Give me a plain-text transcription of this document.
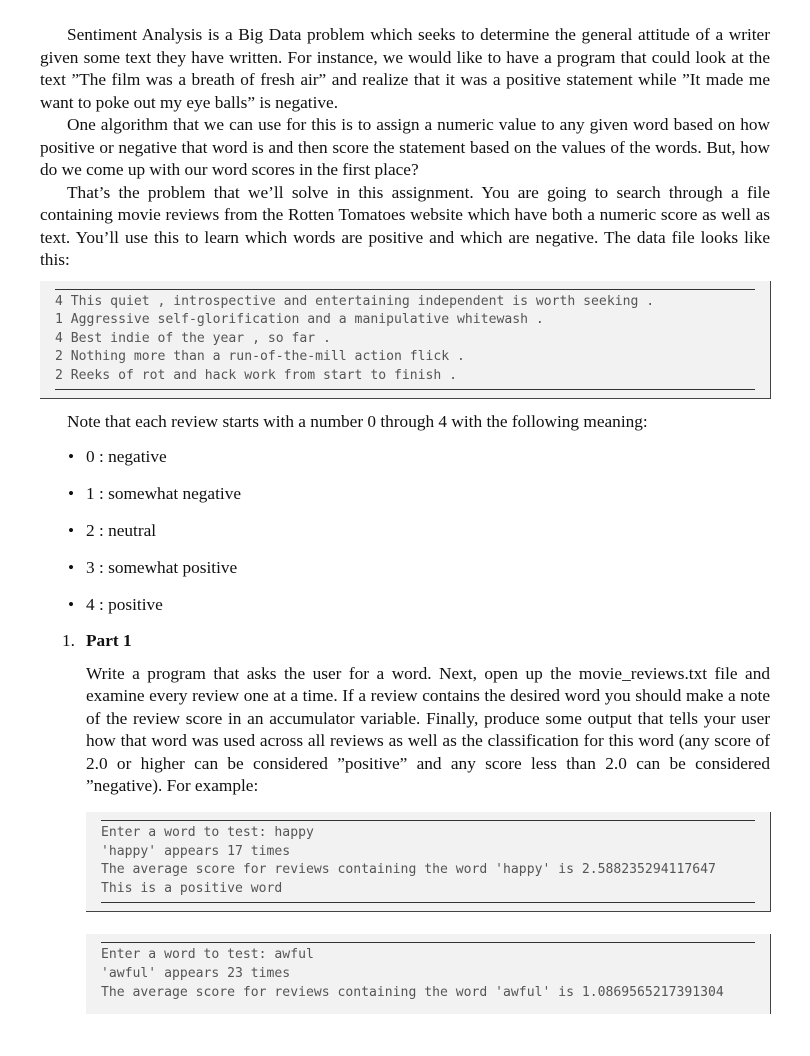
Sentiment Analysis is a Big Data problem which seeks to determine the general attitude of a writer given some text they have written. For instance, we would like to have a program that could look at the text ”The film was a breath of fresh air” and realize that it was a positive statement while ”It made me want to poke out my eye balls” is negative.

One algorithm that we can use for this is to assign a numeric value to any given word based on how positive or negative that word is and then score the statement based on the values of the words. But, how do we come up with our word scores in the first place?

That’s the problem that we’ll solve in this assignment. You are going to search through a file containing movie reviews from the Rotten Tomatoes website which have both a numeric score as well as text. You’ll use this to learn which words are positive and which are negative. The data file looks like this:

4 This quiet , introspective and entertaining independent is worth seeking .
1 Aggressive self-glorification and a manipulative whitewash .
4 Best indie of the year , so far .
2 Nothing more than a run-of-the-mill action flick .
2 Reeks of rot and hack work from start to finish .
Note that each review starts with a number 0 through 4 with the following meaning:
• 0 : negative
• 1 : somewhat negative
• 2 : neutral
• 3 : somewhat positive
• 4 : positive
1. Part 1

Write a program that asks the user for a word. Next, open up the movie_reviews.txt file and examine every review one at a time. If a review contains the desired word you should make a note of the review score in an accumulator variable. Finally, produce some output that tells your user how that word was used across all reviews as well as the classification for this word (any score of 2.0 or higher can be considered ”positive” and any score less than 2.0 can be considered ”negative). For example:

Enter a word to test: happy
'happy' appears 17 times
The average score for reviews containing the word 'happy' is 2.588235294117647
This is a positive word
Enter a word to test: awful
'awful' appears 23 times
The average score for reviews containing the word 'awful' is 1.0869565217391304
